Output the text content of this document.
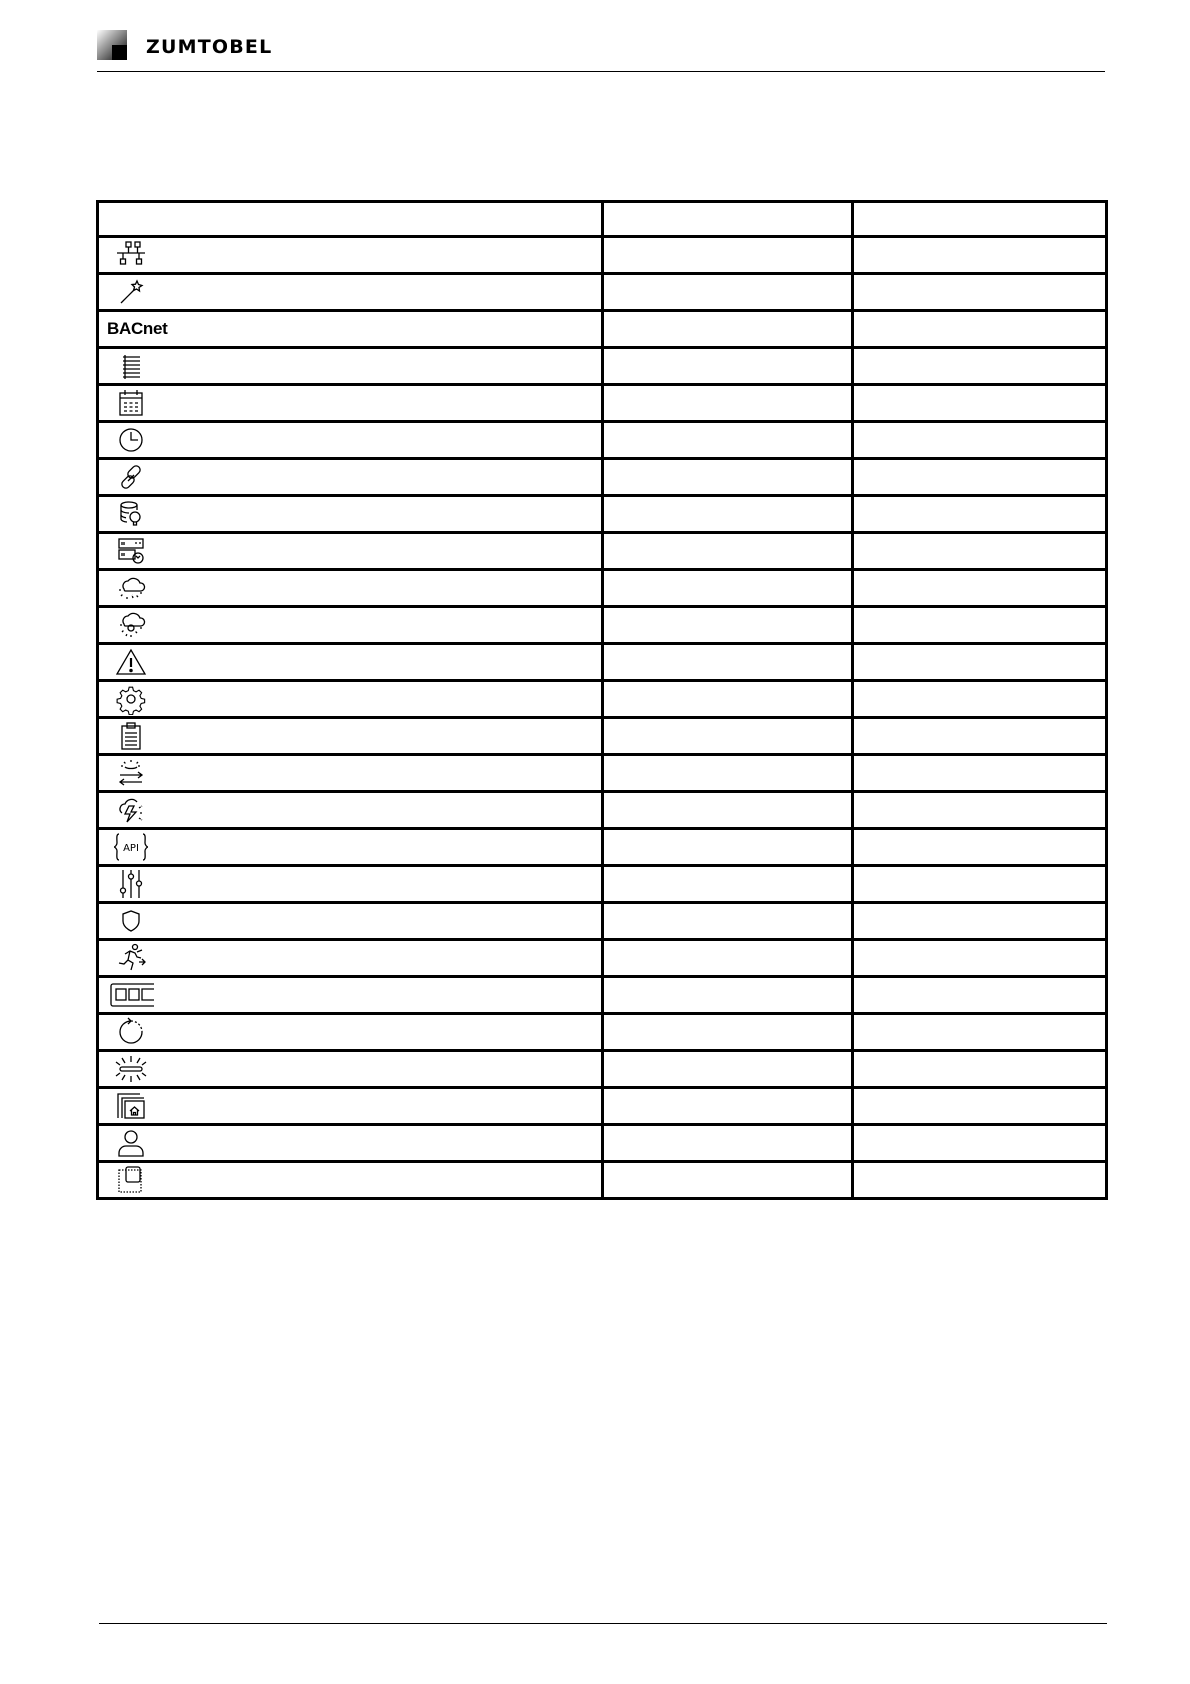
ZUMTOBEL

BACnet		

API		
